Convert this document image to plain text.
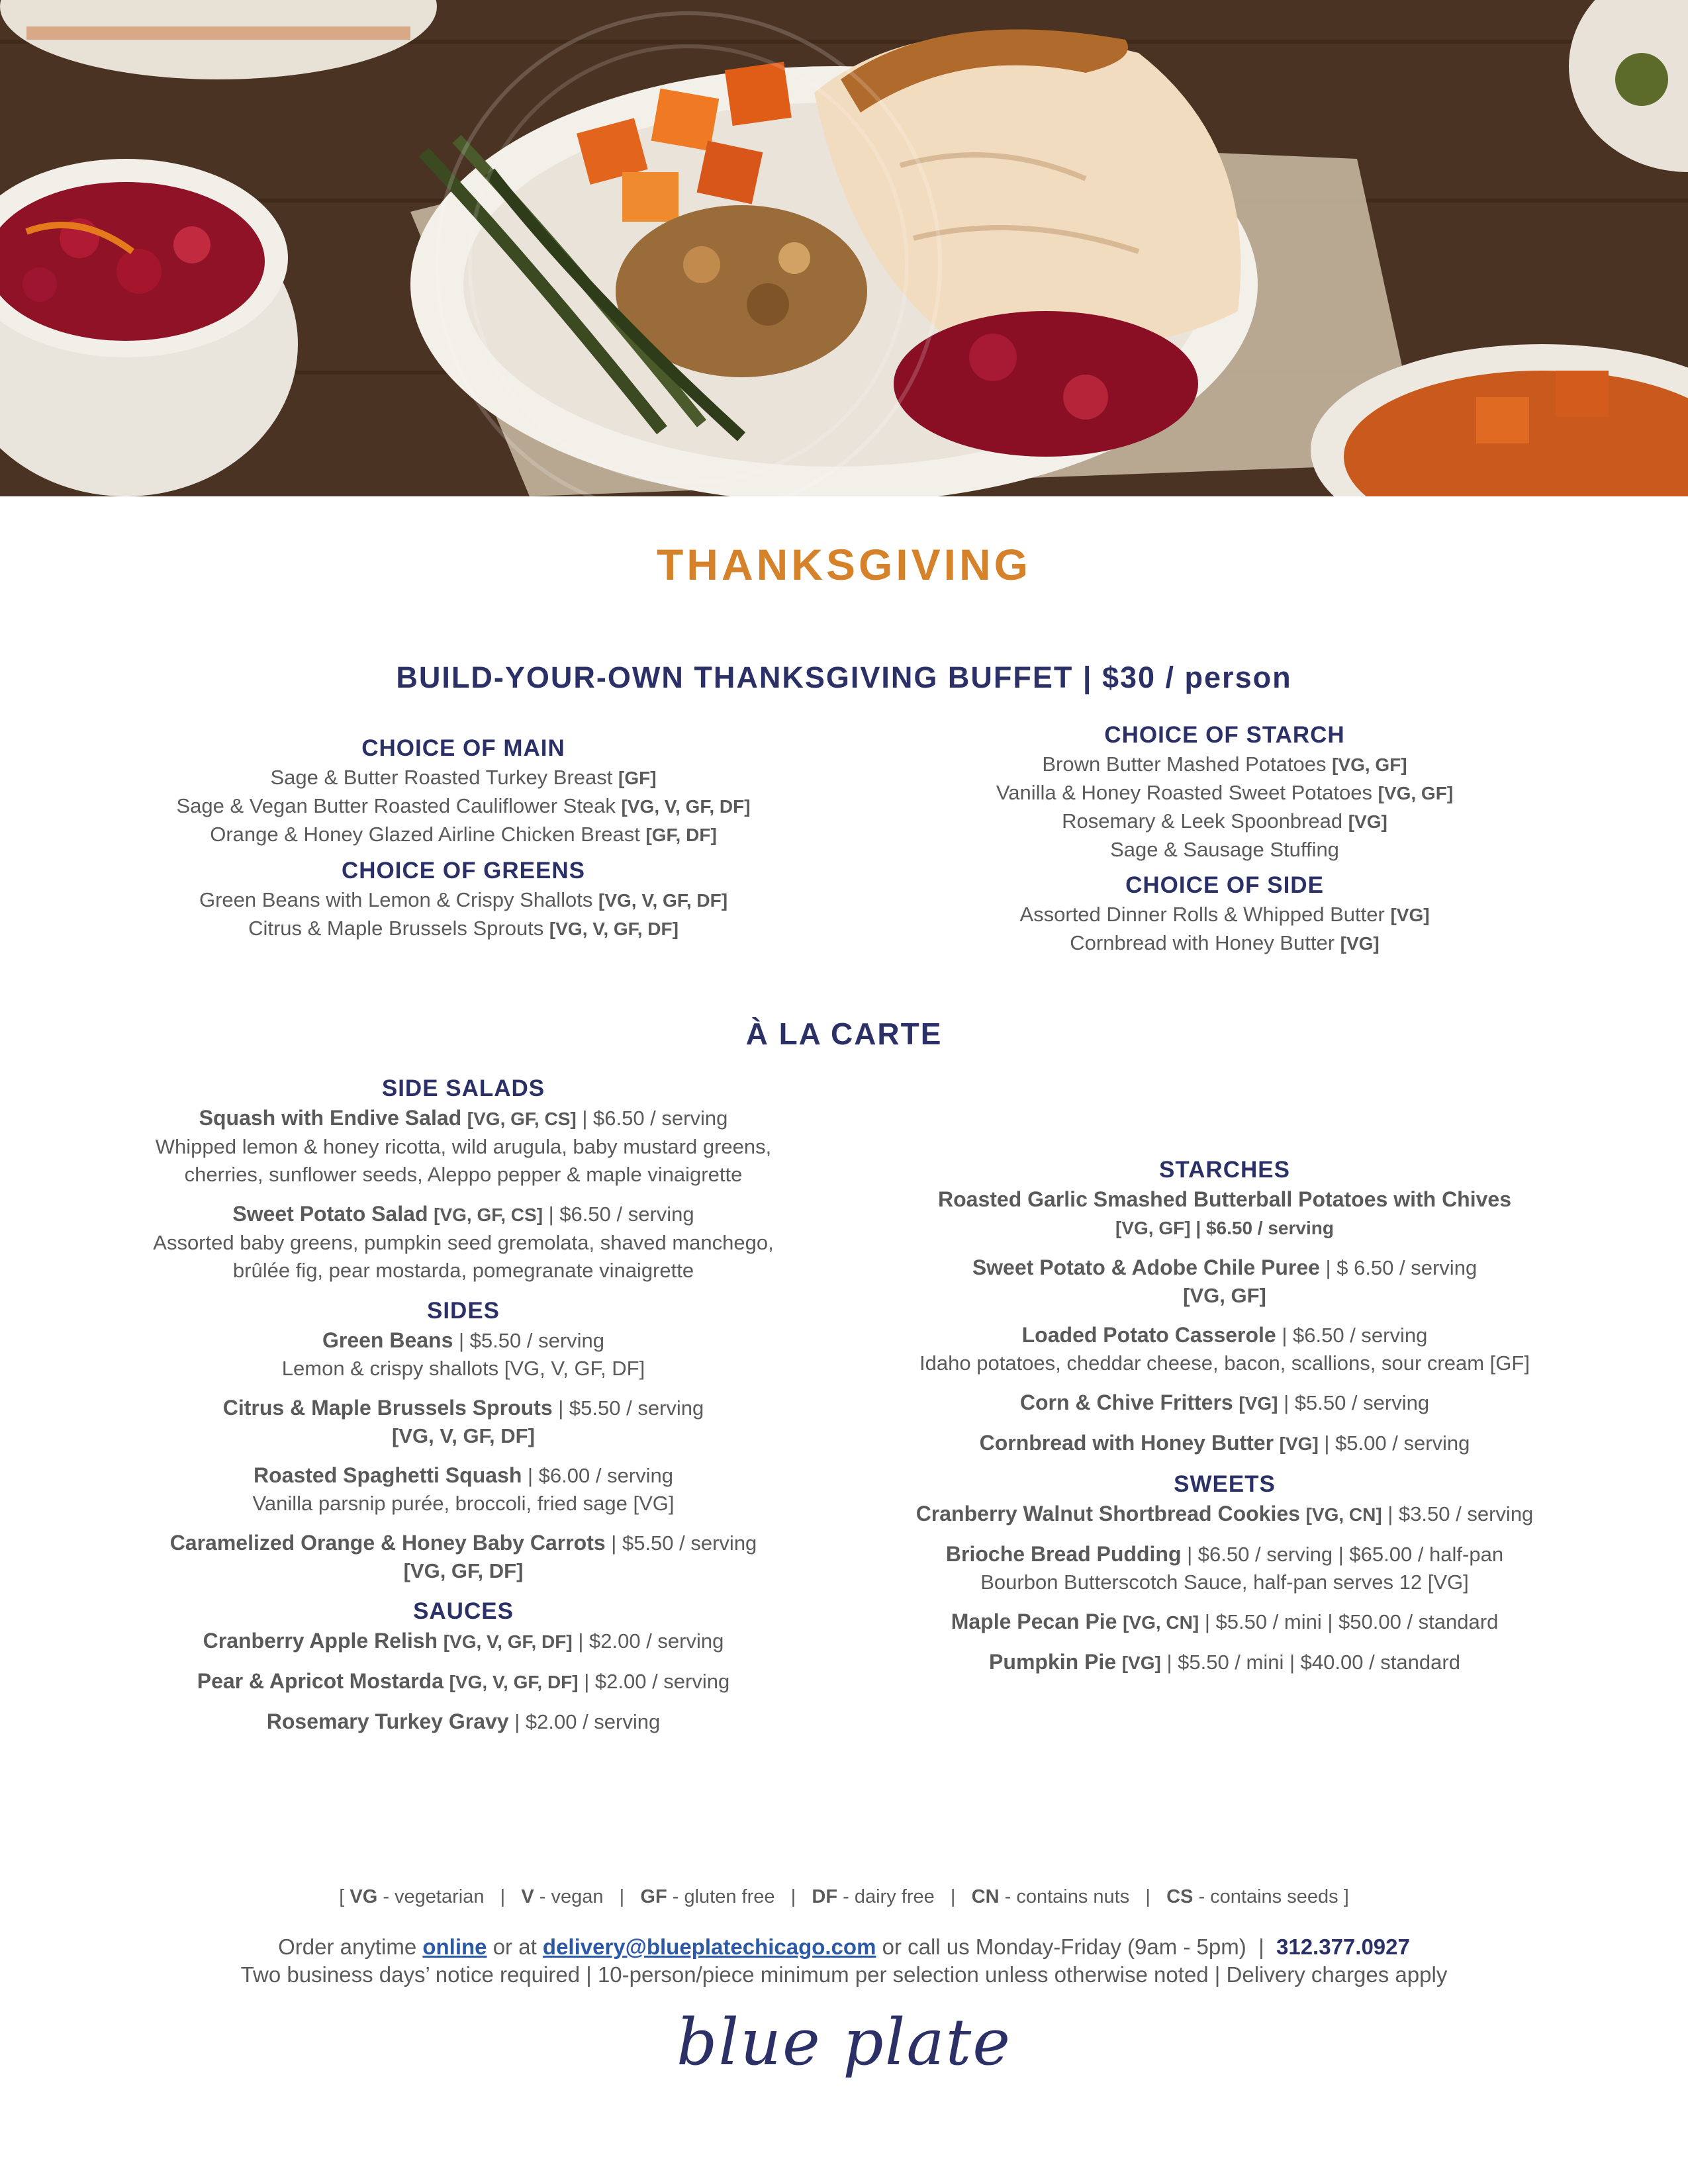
THANKSGIVING
BUILD-YOUR-OWN THANKSGIVING BUFFET | $30 / person
CHOICE OF MAIN
Sage & Butter Roasted Turkey Breast [GF]
Sage & Vegan Butter Roasted Cauliflower Steak [VG, V, GF, DF]
Orange & Honey Glazed Airline Chicken Breast [GF, DF]
CHOICE OF GREENS
Green Beans with Lemon & Crispy Shallots [VG, V, GF, DF]
Citrus & Maple Brussels Sprouts [VG, V, GF, DF]
CHOICE OF STARCH
Brown Butter Mashed Potatoes [VG, GF]
Vanilla & Honey Roasted Sweet Potatoes [VG, GF]
Rosemary & Leek Spoonbread [VG]
Sage & Sausage Stuffing
CHOICE OF SIDE
Assorted Dinner Rolls & Whipped Butter [VG]
Cornbread with Honey Butter [VG]
À LA CARTE
SIDE SALADS
Squash with Endive Salad [VG, GF, CS] | $6.50 / serving
Whipped lemon & honey ricotta, wild arugula, baby mustard greens,
cherries, sunflower seeds, Aleppo pepper & maple vinaigrette
Sweet Potato Salad [VG, GF, CS] | $6.50 / serving
Assorted baby greens, pumpkin seed gremolata, shaved manchego,
brûlée fig, pear mostarda, pomegranate vinaigrette
SIDES
Green Beans | $5.50 / serving
Lemon & crispy shallots [VG, V, GF, DF]
Citrus & Maple Brussels Sprouts | $5.50 / serving
[VG, V, GF, DF]
Roasted Spaghetti Squash | $6.00 / serving
Vanilla parsnip purée, broccoli, fried sage [VG]
Caramelized Orange & Honey Baby Carrots | $5.50 / serving
[VG, GF, DF]
SAUCES
Cranberry Apple Relish [VG, V, GF, DF] | $2.00 / serving
Pear & Apricot Mostarda [VG, V, GF, DF] | $2.00 / serving
Rosemary Turkey Gravy | $2.00 / serving
STARCHES
Roasted Garlic Smashed Butterball Potatoes with Chives
[VG, GF] | $6.50 / serving
Sweet Potato & Adobe Chile Puree | $ 6.50 / serving
[VG, GF]
Loaded Potato Casserole | $6.50 / serving
Idaho potatoes, cheddar cheese, bacon, scallions, sour cream [GF]
Corn & Chive Fritters [VG] | $5.50 / serving
Cornbread with Honey Butter [VG] | $5.00 / serving
SWEETS
Cranberry Walnut Shortbread Cookies [VG, CN] | $3.50 / serving
Brioche Bread Pudding | $6.50 / serving | $65.00 / half-pan
Bourbon Butterscotch Sauce, half-pan serves 12 [VG]
Maple Pecan Pie [VG, CN] | $5.50 / mini | $50.00 / standard
Pumpkin Pie [VG] | $5.50 / mini | $40.00 / standard
[ VG - vegetarian   |   V - vegan   |   GF - gluten free   |   DF - dairy free   |   CN - contains nuts   |   CS - contains seeds ]
Order anytime online or at delivery@blueplatechicago.com or call us Monday-Friday (9am - 5pm)  |  312.377.0927
Two business days’ notice required | 10-person/piece minimum per selection unless otherwise noted | Delivery charges apply
blue plate
